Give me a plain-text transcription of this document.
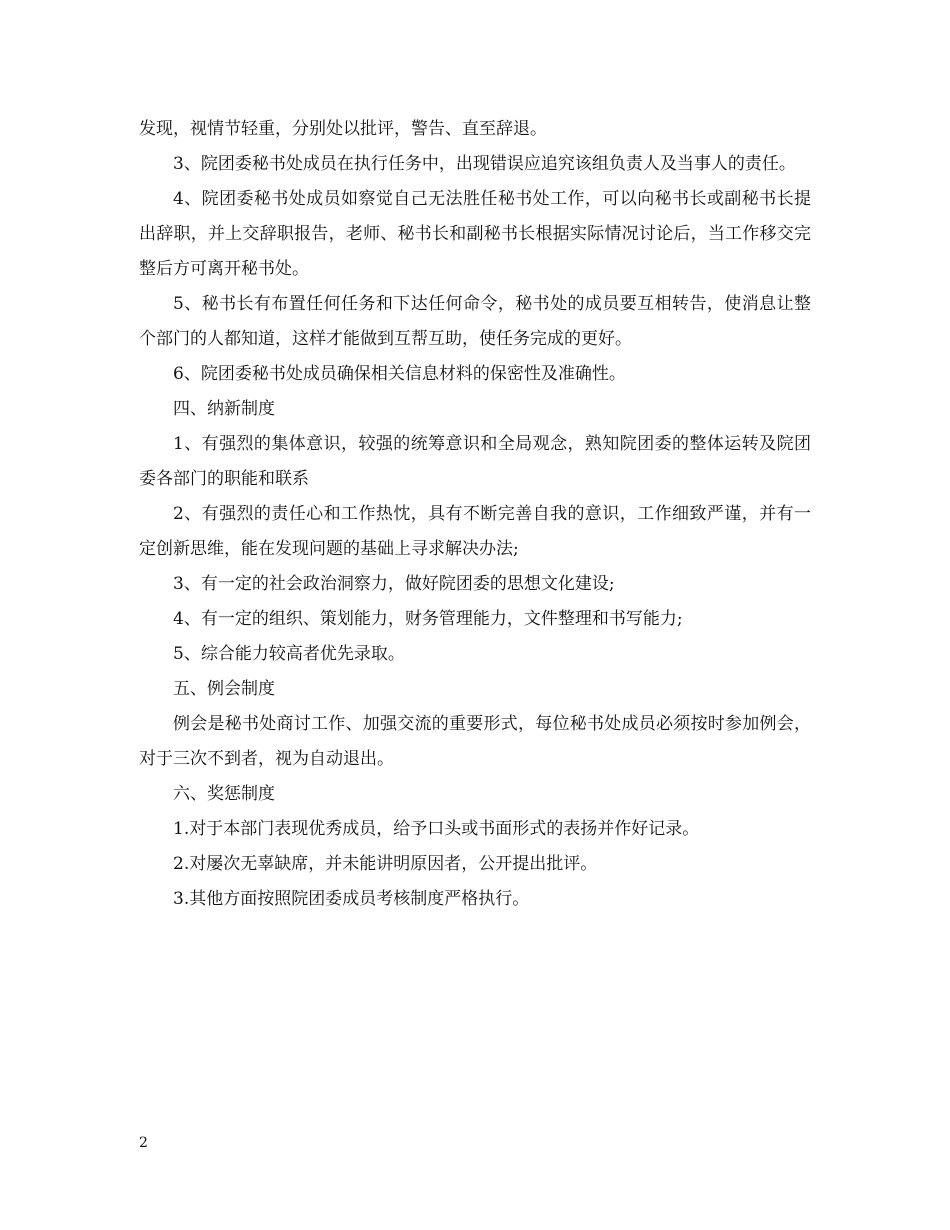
发现，视情节轻重，分别处以批评，警告、直至辞退。

3、院团委秘书处成员在执行任务中，出现错误应追究该组负责人及当事人的责任。

4、院团委秘书处成员如察觉自己无法胜任秘书处工作，可以向秘书长或副秘书长提出辞职，并上交辞职报告，老师、秘书长和副秘书长根据实际情况讨论后，当工作移交完整后方可离开秘书处。

5、秘书长有布置任何任务和下达任何命令，秘书处的成员要互相转告，使消息让整个部门的人都知道，这样才能做到互帮互助，使任务完成的更好。

6、院团委秘书处成员确保相关信息材料的保密性及准确性。

四、纳新制度

1、有强烈的集体意识，较强的统筹意识和全局观念，熟知院团委的整体运转及院团委各部门的职能和联系

2、有强烈的责任心和工作热忱，具有不断完善自我的意识，工作细致严谨，并有一定创新思维，能在发现问题的基础上寻求解决办法;

3、有一定的社会政治洞察力，做好院团委的思想文化建设;

4、有一定的组织、策划能力，财务管理能力，文件整理和书写能力;

5、综合能力较高者优先录取。

五、例会制度

例会是秘书处商讨工作、加强交流的重要形式，每位秘书处成员必须按时参加例会，对于三次不到者，视为自动退出。

六、奖惩制度

1.对于本部门表现优秀成员，给予口头或书面形式的表扬并作好记录。

2.对屡次无辜缺席，并未能讲明原因者，公开提出批评。

3.其他方面按照院团委成员考核制度严格执行。

2
